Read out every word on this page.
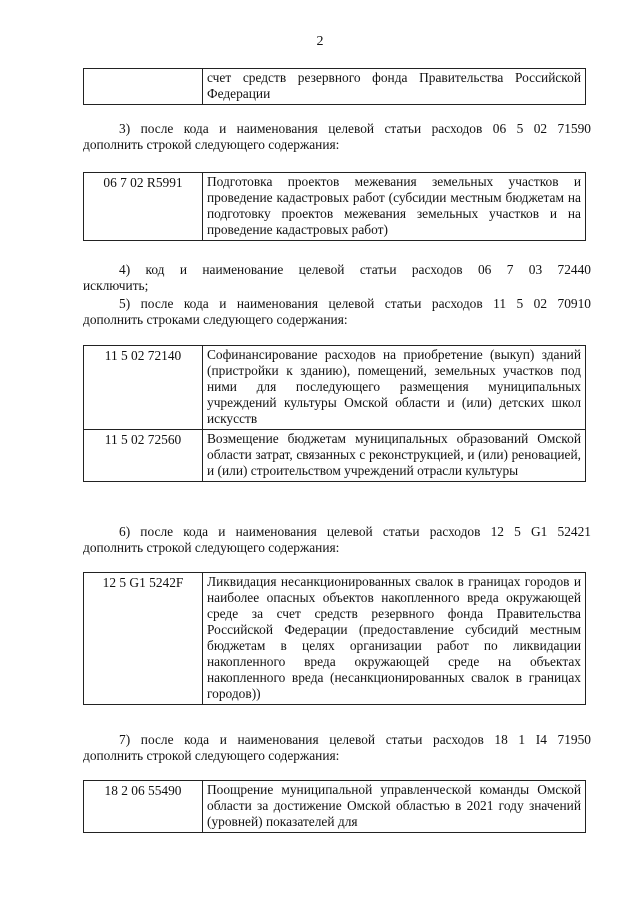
2
	счет средств резервного фонда Правительства Российской Федерации
3) после кода и наименования целевой статьи расходов 06 5 02 71590
дополнить строкой следующего содержания:
06 7 02 R5991	Подготовка проектов межевания земельных участков и проведение кадастровых работ (субсидии местным бюджетам на подготовку проектов межевания земельных участков и на проведение кадастровых работ)
4) код и наименование целевой статьи расходов 06 7 03 72440
исключить;
5) после кода и наименования целевой статьи расходов 11 5 02 70910
дополнить строками следующего содержания:
11 5 02 72140	Софинансирование расходов на приобретение (выкуп) зданий (пристройки к зданию), помещений, земельных участков под ними для последующего размещения муниципальных учреждений культуры Омской области и (или) детских школ искусств
11 5 02 72560	Возмещение бюджетам муниципальных образований Омской области затрат, связанных с реконструкцией, и (или) реновацией, и (или) строительством учреждений отрасли культуры
6) после кода и наименования целевой статьи расходов 12 5 G1 52421
дополнить строкой следующего содержания:
12 5 G1 5242F	Ликвидация несанкционированных свалок в границах городов и наиболее опасных объектов накопленного вреда окружающей среде за счет средств резервного фонда Правительства Российской Федерации (предоставление субсидий местным бюджетам в целях организации работ по ликвидации накопленного вреда окружающей среде на объектах накопленного вреда (несанкционированных свалок в границах городов))
7) после кода и наименования целевой статьи расходов 18 1 I4 71950
дополнить строкой следующего содержания:
18 2 06 55490	Поощрение муниципальной управленческой команды Омской области за достижение Омской областью в 2021 году значений (уровней) показателей для
